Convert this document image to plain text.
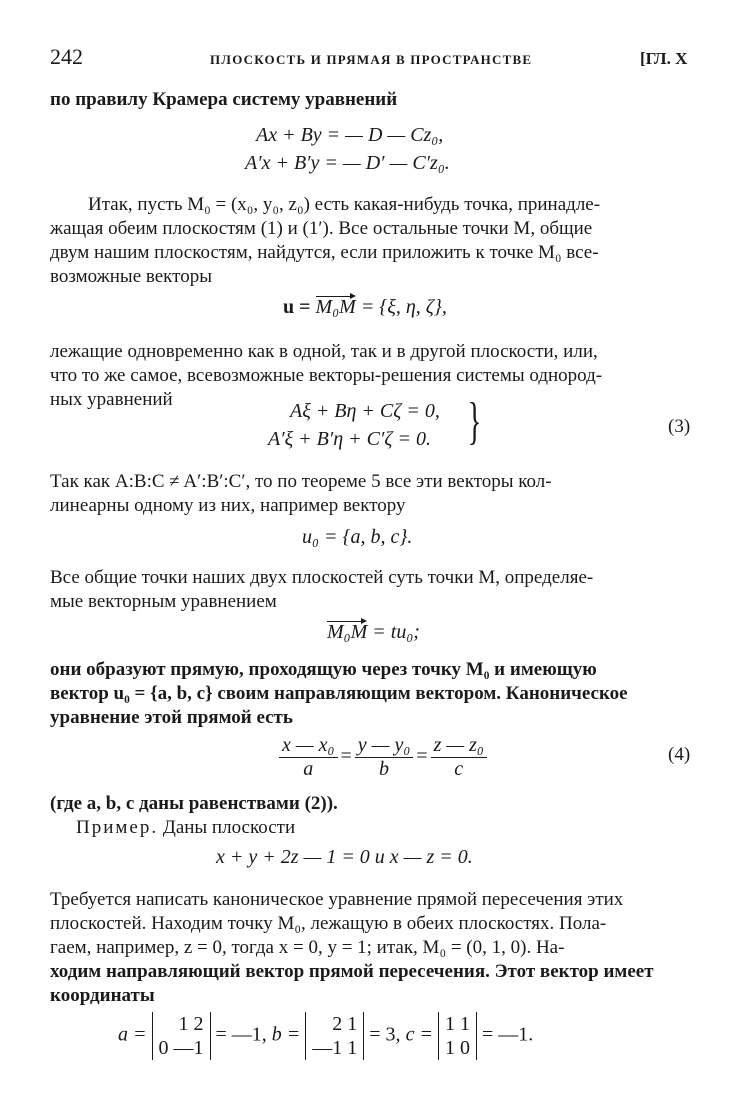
242	ПЛОСКОСТЬ И ПРЯМАЯ В ПРОСТРАНСТВЕ	[ГЛ. X
по правилу Крамера систему уравнений
Ax + By = — D — Cz₀,
A′x + B′y = — D′ — C′z₀.
Итак, пусть M₀ = (x₀, y₀, z₀) есть какая-нибудь точка, принадле-
жащая обеим плоскостям (1) и (1′). Все остальные точки M, общие
двум нашим плоскостям, найдутся, если приложить к точке M₀ все-
возможные векторы
u = M₀M = {ξ, η, ζ},
лежащие одновременно как в одной, так и в другой плоскости, или,
что то же самое, всевозможные векторы-решения системы однород-
ных уравнений
Aξ + Bη + Cζ = 0,
A′ξ + B′η + C′ζ = 0. }	(3)
Так как A:B:C ≠ A′:B′:C′, то по теореме 5 все эти векторы кол-
линеарны одному из них, например вектору
u₀ = {a, b, c}.
Все общие точки наших двух плоскостей суть точки M, определяе-
мые векторным уравнением
M₀M = tu₀;
они образуют прямую, проходящую через точку M₀ и имеющую
вектор u₀ = {a, b, c} своим направляющим вектором. Каноническое
уравнение этой прямой есть
$\frac{\text{x — x₀}}{a} = \frac{\text{y — y₀}}{b} = \frac{\text{z — z₀}}{c}$	(4)
(где a, b, c даны равенствами (2)).
Пример. Даны плоскости
x + y + 2z — 1 = 0 и x — z = 0.
Требуется написать каноническое уравнение прямой пересечения этих
плоскостей. Находим точку M₀, лежащую в обеих плоскостях. Пола-
гаем, например, z = 0, тогда x = 0, y = 1; итак, M₀ = (0, 1, 0). На-
ходим направляющий вектор прямой пересечения. Этот вектор имеет
координаты
a =	1 2
0 —1
= —1, b =	2 1
—1 1
= 3, c = 1 1
1 0
= —1.
